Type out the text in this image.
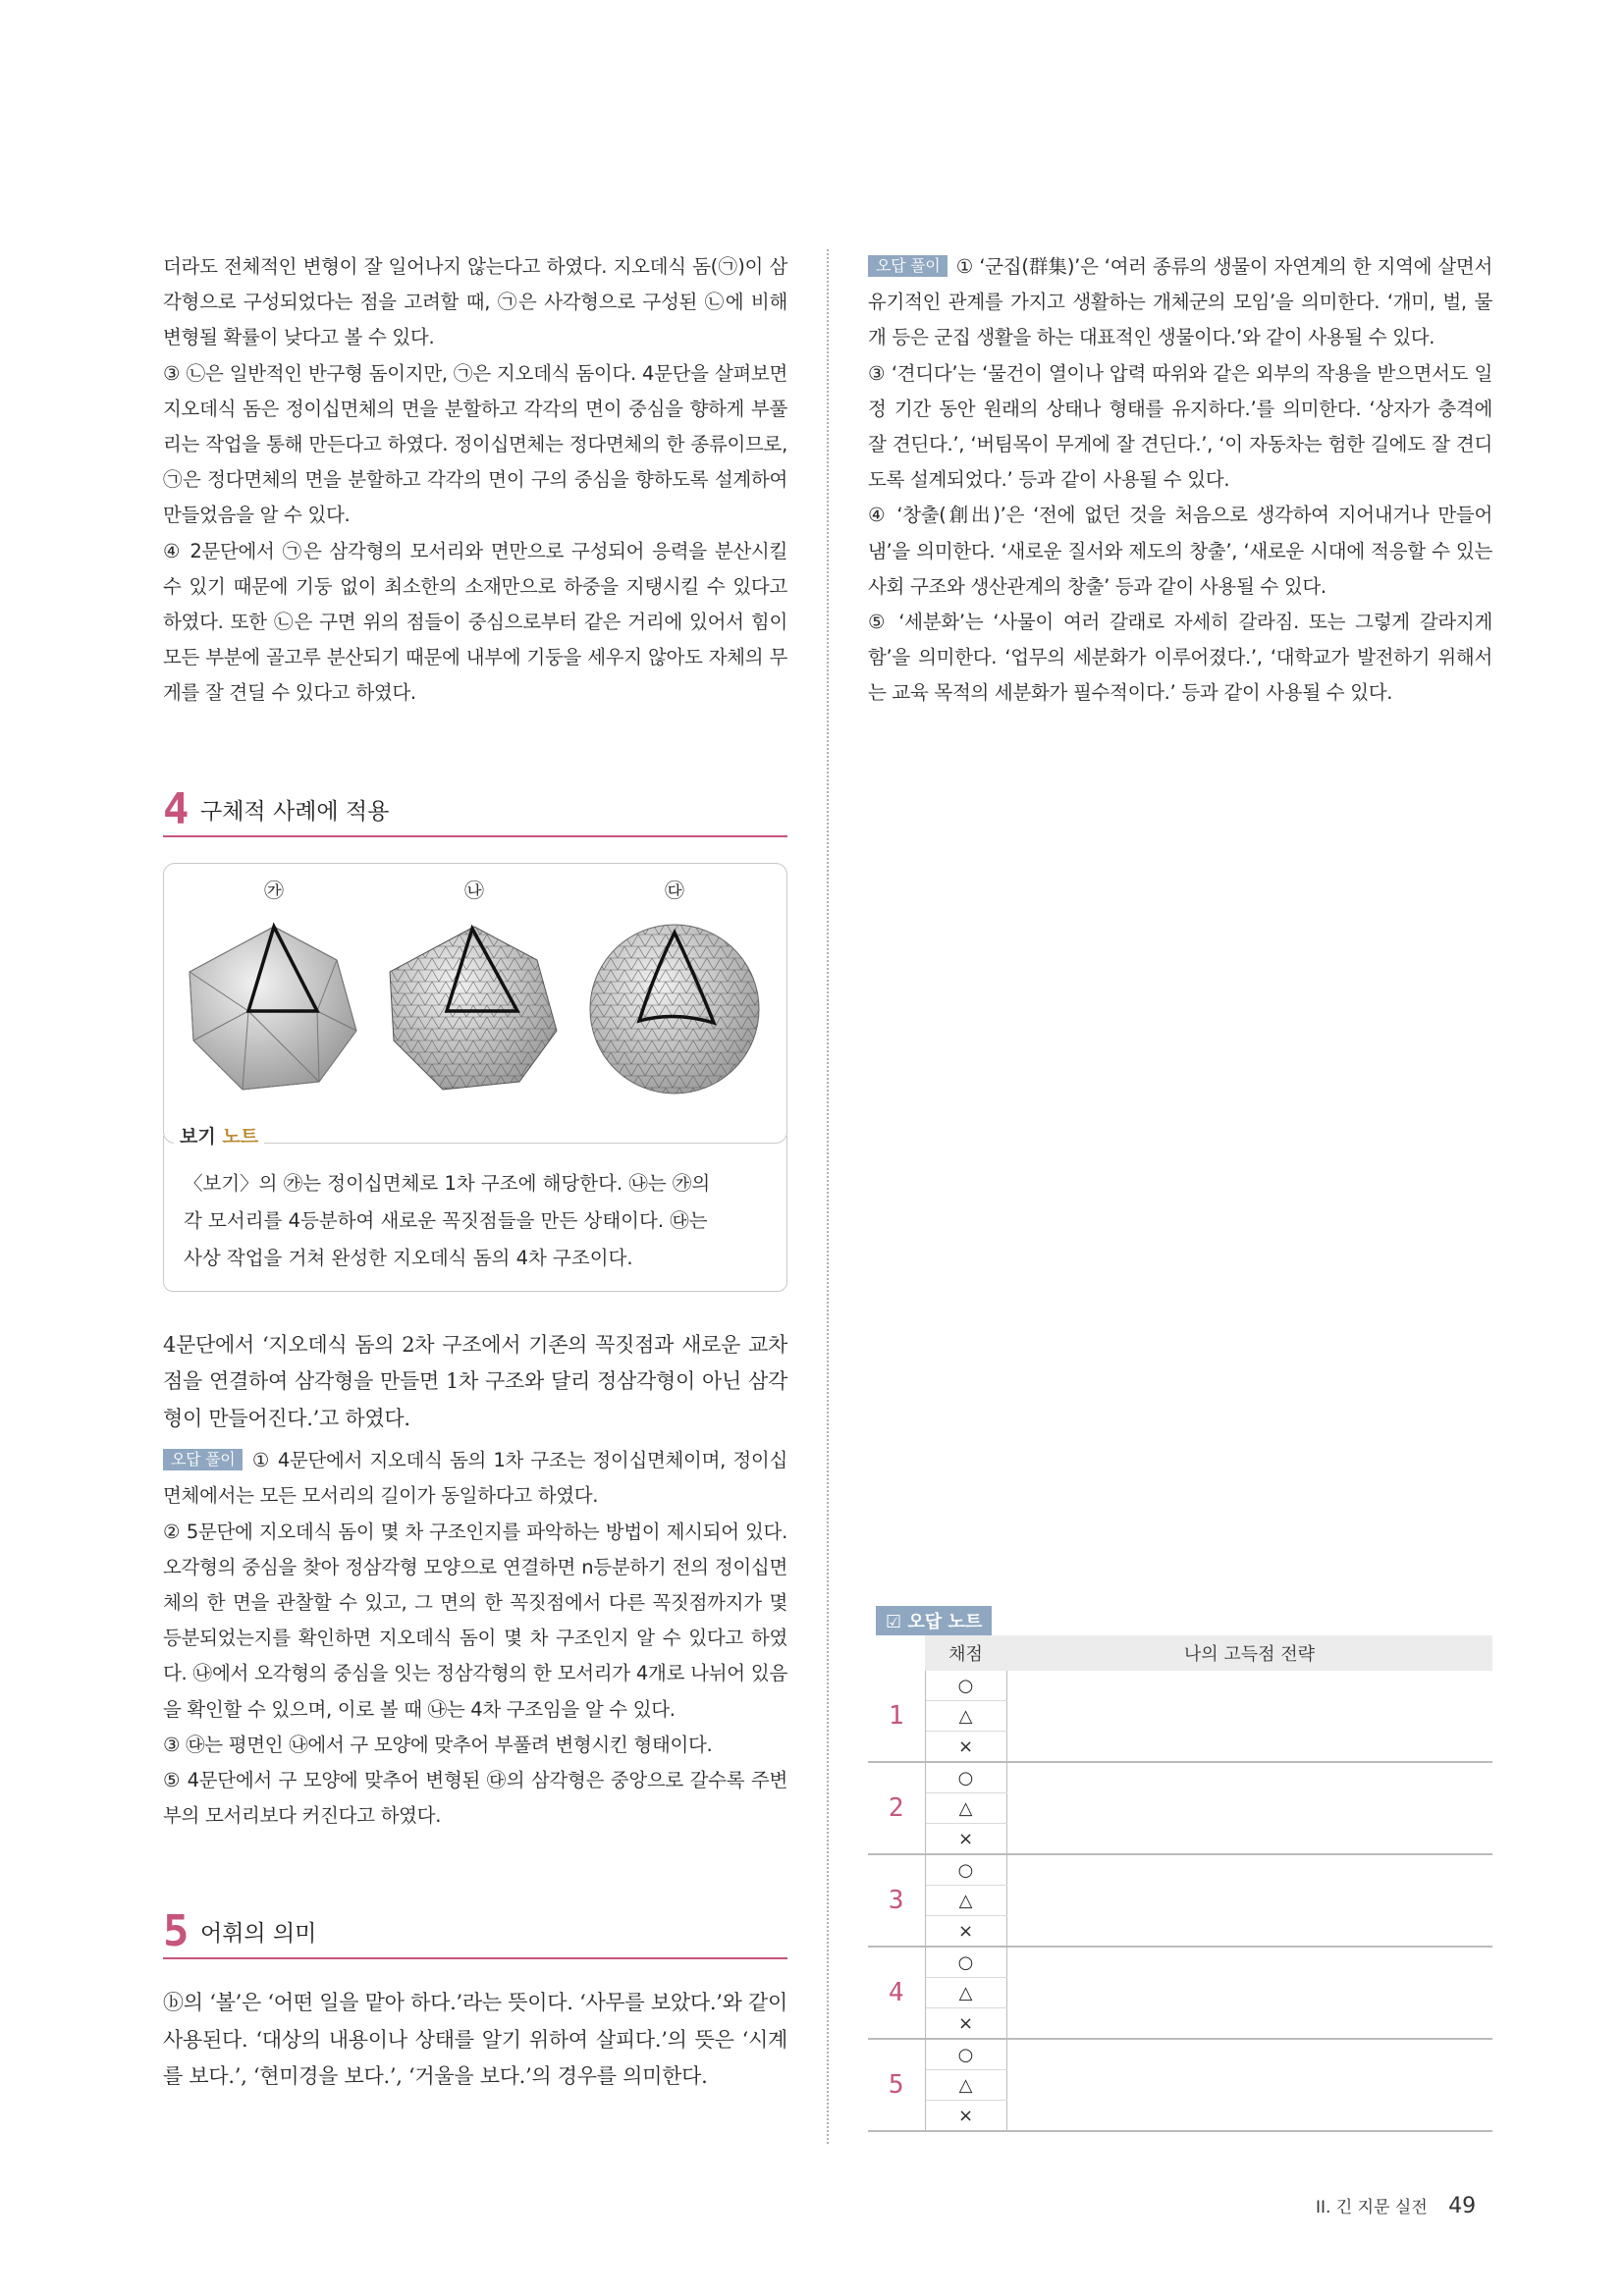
더라도 전체적인 변형이 잘 일어나지 않는다고 하였다. 지오데식 돔(㉠)이 삼각형으로 구성되었다는 점을 고려할 때, ㉠은 사각형으로 구성된 ㉡에 비해 변형될 확률이 낮다고 볼 수 있다.

③ ㉡은 일반적인 반구형 돔이지만, ㉠은 지오데식 돔이다. 4문단을 살펴보면 지오데식 돔은 정이십면체의 면을 분할하고 각각의 면이 중심을 향하게 부풀리는 작업을 통해 만든다고 하였다. 정이십면체는 정다면체의 한 종류이므로, ㉠은 정다면체의 면을 분할하고 각각의 면이 구의 중심을 향하도록 설계하여 만들었음을 알 수 있다.

④ 2문단에서 ㉠은 삼각형의 모서리와 면만으로 구성되어 응력을 분산시킬 수 있기 때문에 기둥 없이 최소한의 소재만으로 하중을 지탱시킬 수 있다고 하였다. 또한 ㉡은 구면 위의 점들이 중심으로부터 같은 거리에 있어서 힘이 모든 부분에 골고루 분산되기 때문에 내부에 기둥을 세우지 않아도 자체의 무게를 잘 견딜 수 있다고 하였다.

4 구체적 사례에 적용
㉮	㉯	㉰
보기 노트

〈보기〉의 ㉮는 정이십면체로 1차 구조에 해당한다. ㉯는 ㉮의

각 모서리를 4등분하여 새로운 꼭짓점들을 만든 상태이다. ㉰는

사상 작업을 거쳐 완성한 지오데식 돔의 4차 구조이다.

4문단에서 ‘지오데식 돔의 2차 구조에서 기존의 꼭짓점과 새로운 교차점을 연결하여 삼각형을 만들면 1차 구조와 달리 정삼각형이 아닌 삼각형이 만들어진다.’고 하였다.

오답 풀이 ① 4문단에서 지오데식 돔의 1차 구조는 정이십면체이며, 정이십면체에서는 모든 모서리의 길이가 동일하다고 하였다.

② 5문단에 지오데식 돔이 몇 차 구조인지를 파악하는 방법이 제시되어 있다. 오각형의 중심을 찾아 정삼각형 모양으로 연결하면 n등분하기 전의 정이십면체의 한 면을 관찰할 수 있고, 그 면의 한 꼭짓점에서 다른 꼭짓점까지가 몇 등분되었는지를 확인하면 지오데식 돔이 몇 차 구조인지 알 수 있다고 하였다. ㉯에서 오각형의 중심을 잇는 정삼각형의 한 모서리가 4개로 나뉘어 있음을 확인할 수 있으며, 이로 볼 때 ㉯는 4차 구조임을 알 수 있다.

③ ㉰는 평면인 ㉯에서 구 모양에 맞추어 부풀려 변형시킨 형태이다.

⑤ 4문단에서 구 모양에 맞추어 변형된 ㉰의 삼각형은 중앙으로 갈수록 주변부의 모서리보다 커진다고 하였다.

5 어휘의 의미

ⓑ의 ‘볼’은 ‘어떤 일을 맡아 하다.’라는 뜻이다. ‘사무를 보았다.’와 같이 사용된다. ‘대상의 내용이나 상태를 알기 위하여 살피다.’의 뜻은 ‘시계를 보다.’, ‘현미경을 보다.’, ‘거울을 보다.’의 경우를 의미한다.

오답 풀이 ① ‘군집(群集)’은 ‘여러 종류의 생물이 자연계의 한 지역에 살면서 유기적인 관계를 가지고 생활하는 개체군의 모임’을 의미한다. ‘개미, 벌, 물개 등은 군집 생활을 하는 대표적인 생물이다.’와 같이 사용될 수 있다.

③ ‘견디다’는 ‘물건이 열이나 압력 따위와 같은 외부의 작용을 받으면서도 일정 기간 동안 원래의 상태나 형태를 유지하다.’를 의미한다. ‘상자가 충격에 잘 견딘다.’, ‘버팀목이 무게에 잘 견딘다.’, ‘이 자동차는 험한 길에도 잘 견디도록 설계되었다.’ 등과 같이 사용될 수 있다.

④ ‘창출(創出)’은 ‘전에 없던 것을 처음으로 생각하여 지어내거나 만들어 냄’을 의미한다. ‘새로운 질서와 제도의 창출’, ‘새로운 시대에 적응할 수 있는 사회 구조와 생산관계의 창출’ 등과 같이 사용될 수 있다.

⑤ ‘세분화’는 ‘사물이 여러 갈래로 자세히 갈라짐. 또는 그렇게 갈라지게 함’을 의미한다. ‘업무의 세분화가 이루어졌다.’, ‘대학교가 발전하기 위해서는 교육 목적의 세분화가 필수적이다.’ 등과 같이 사용될 수 있다.

☑ 오답 노트
	채점	나의 고득점 전략
1	○	
	△	
	×	
2	○	
	△	
	×	
3	○	
	△	
	×	
4	○	
	△	
	×	
5	○	
	△	
	×	
II. 긴 지문 실전 49
